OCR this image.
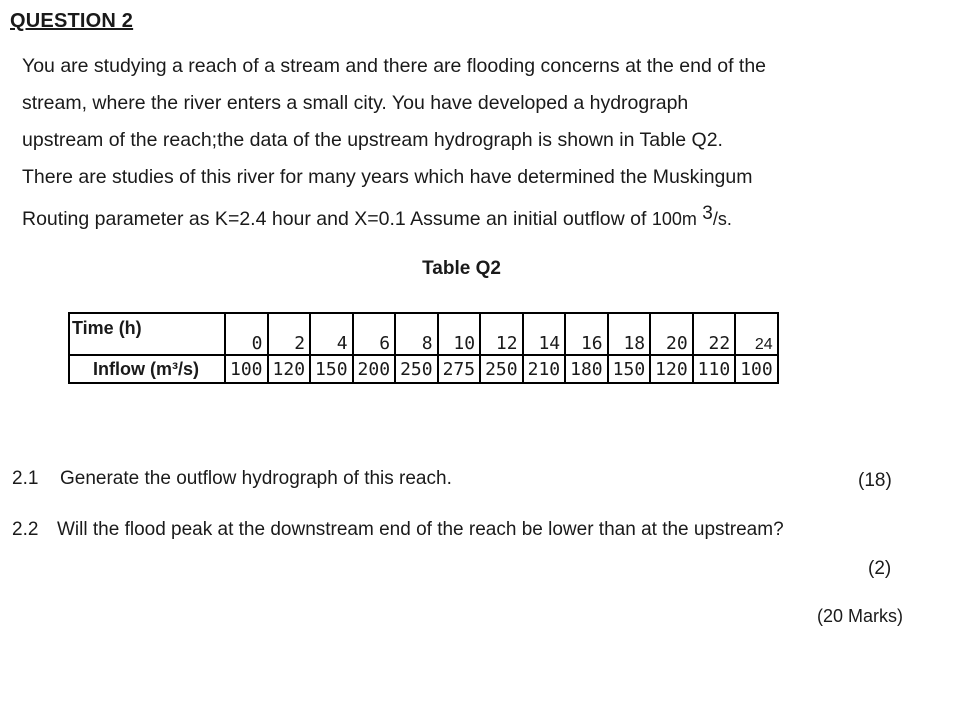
QUESTION 2

You are studying a reach of a stream and there are flooding concerns at the end of the

stream, where the river enters a small city. You have developed a hydrograph

upstream of the reach;the data of the upstream hydrograph is shown in Table Q2.

There are studies of this river for many years which have determined the Muskingum

Routing parameter as K=2.4 hour and X=0.1 Assume an initial outflow of 100m 3/s.

Table Q2
Time (h)	0	2	4	6	8	10	12	14	16	18	20	22	24
Inflow (m³/s)	100	120	150	200	250	275	250	210	180	150	120	110	100
2.1 Generate the outflow hydrograph of this reach.	(18)
2.2 Will the flood peak at the downstream end of the reach be lower than at the upstream?
(2)
(20 Marks)
